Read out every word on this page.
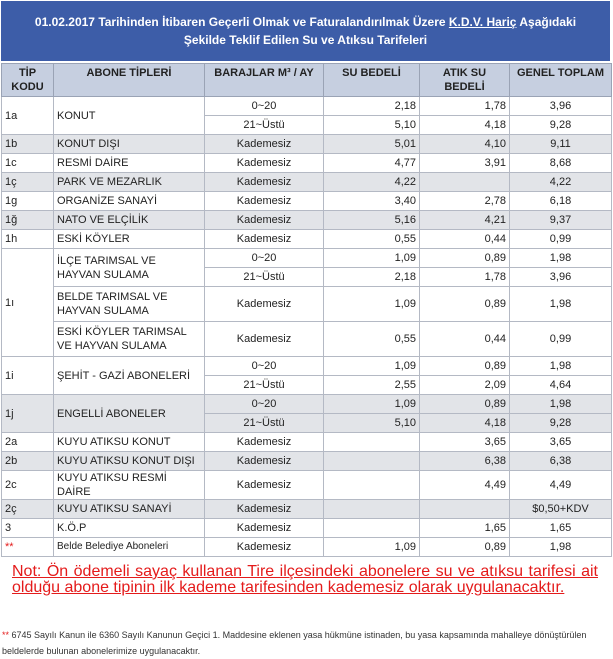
01.02.2017 Tarihinden İtibaren Geçerli Olmak ve Faturalandırılmak Üzere K.D.V. Hariç Aşağıdaki
Şekilde Teklif Edilen Su ve Atıksu Tarifeleri
TİP KODU	ABONE TİPLERİ	BARAJLAR M³ / AY	SU BEDELİ	ATIK SU BEDELİ	GENEL TOPLAM
1a	KONUT	0~20	2,18	1,78	3,96
		21~Üstü	5,10	4,18	9,28
1b	KONUT DIŞI	Kademesiz	5,01	4,10	9,11
1c	RESMİ DAİRE	Kademesiz	4,77	3,91	8,68
1ç	PARK VE MEZARLIK	Kademesiz	4,22		4,22
1g	ORGANİZE SANAYİ	Kademesiz	3,40	2,78	6,18
1ğ	NATO VE ELÇİLİK	Kademesiz	5,16	4,21	9,37
1h	ESKİ KÖYLER	Kademesiz	0,55	0,44	0,99
1ı	İLÇE TARIMSAL VE HAYVAN SULAMA	0~20	1,09	0,89	1,98
		21~Üstü	2,18	1,78	3,96
	BELDE TARIMSAL VE HAYVAN SULAMA	Kademesiz	1,09	0,89	1,98
	ESKİ KÖYLER TARIMSAL VE HAYVAN SULAMA	Kademesiz	0,55	0,44	0,99
1i	ŞEHİT - GAZİ ABONELERİ	0~20	1,09	0,89	1,98
		21~Üstü	2,55	2,09	4,64
1j	ENGELLİ ABONELER	0~20	1,09	0,89	1,98
		21~Üstü	5,10	4,18	9,28
2a	KUYU ATIKSU KONUT	Kademesiz		3,65	3,65
2b	KUYU ATIKSU KONUT DIŞI	Kademesiz		6,38	6,38
2c	KUYU ATIKSU RESMİ DAİRE	Kademesiz		4,49	4,49
2ç	KUYU ATIKSU SANAYİ	Kademesiz			$0,50+KDV
3	K.Ö.P	Kademesiz		1,65	1,65
**	Belde Belediye Aboneleri	Kademesiz	1,09	0,89	1,98
Not: Ön ödemeli sayaç kullanan Tire ilçesindeki abonelere su ve atıksu tarifesi ait olduğu abone tipinin ilk kademe tarifesinden kademesiz olarak uygulanacaktır.
** 6745 Sayılı Kanun ile 6360 Sayılı Kanunun Geçici 1. Maddesine eklenen yasa hükmüne istinaden, bu yasa kapsamında mahalleye dönüştürülen beldelerde bulunan abonelerimize uygulanacaktır.
